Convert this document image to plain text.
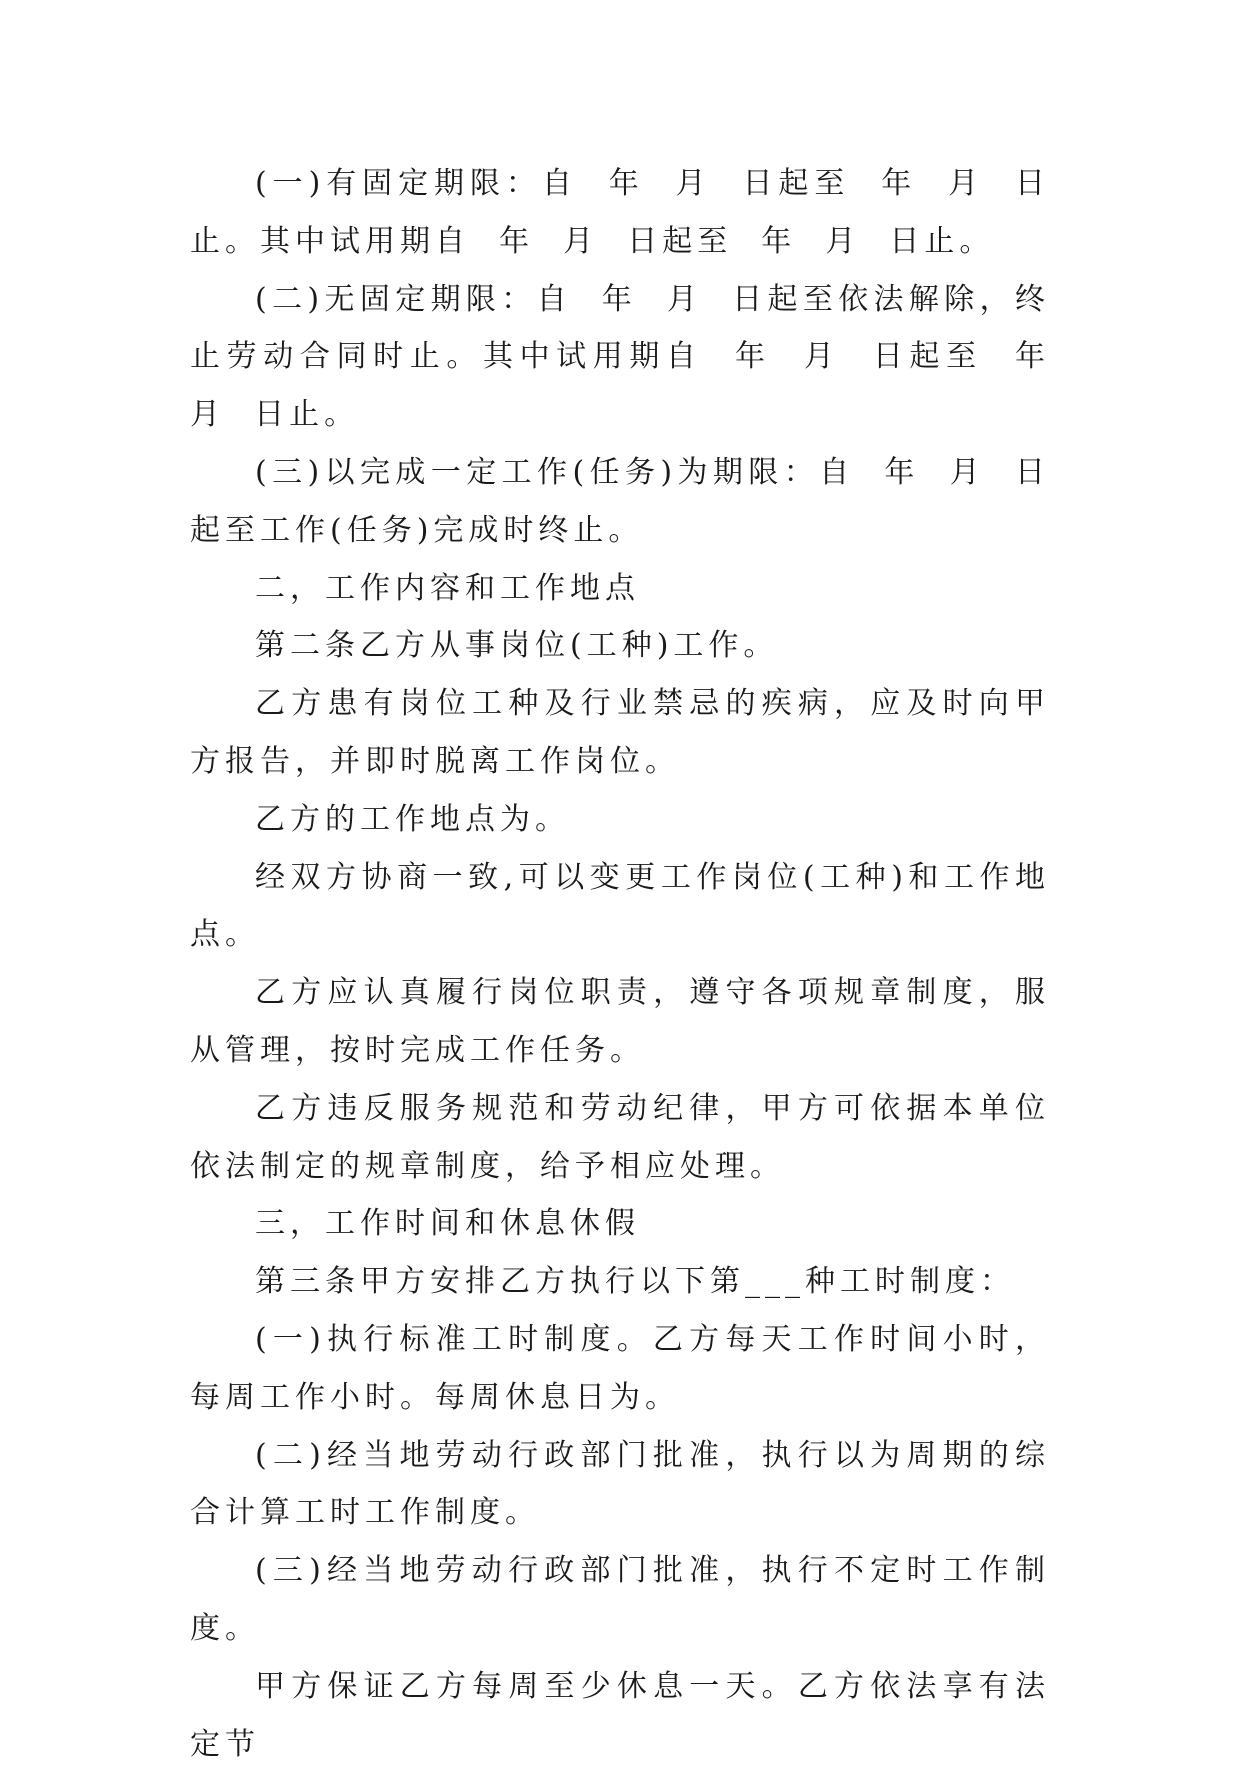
(一)有固定期限：自  年  月  日起至  年  月  日止。其中试用期自  年  月  日起至  年  月  日止。

(二)无固定期限：自  年  月  日起至依法解除，终止劳动合同时止。其中试用期自  年  月  日起至  年  月  日止。

(三)以完成一定工作(任务)为期限：自  年  月  日起至工作(任务)完成时终止。

二，工作内容和工作地点

第二条乙方从事岗位(工种)工作。

乙方患有岗位工种及行业禁忌的疾病，应及时向甲方报告，并即时脱离工作岗位。

乙方的工作地点为。

经双方协商一致,可以变更工作岗位(工种)和工作地点。

乙方应认真履行岗位职责，遵守各项规章制度，服从管理，按时完成工作任务。

乙方违反服务规范和劳动纪律，甲方可依据本单位依法制定的规章制度，给予相应处理。

三，工作时间和休息休假

第三条甲方安排乙方执行以下第___种工时制度：

(一)执行标准工时制度。乙方每天工作时间小时，每周工作小时。每周休息日为。

(二)经当地劳动行政部门批准，执行以为周期的综合计算工时工作制度。

(三)经当地劳动行政部门批准，执行不定时工作制度。

甲方保证乙方每周至少休息一天。乙方依法享有法定节
